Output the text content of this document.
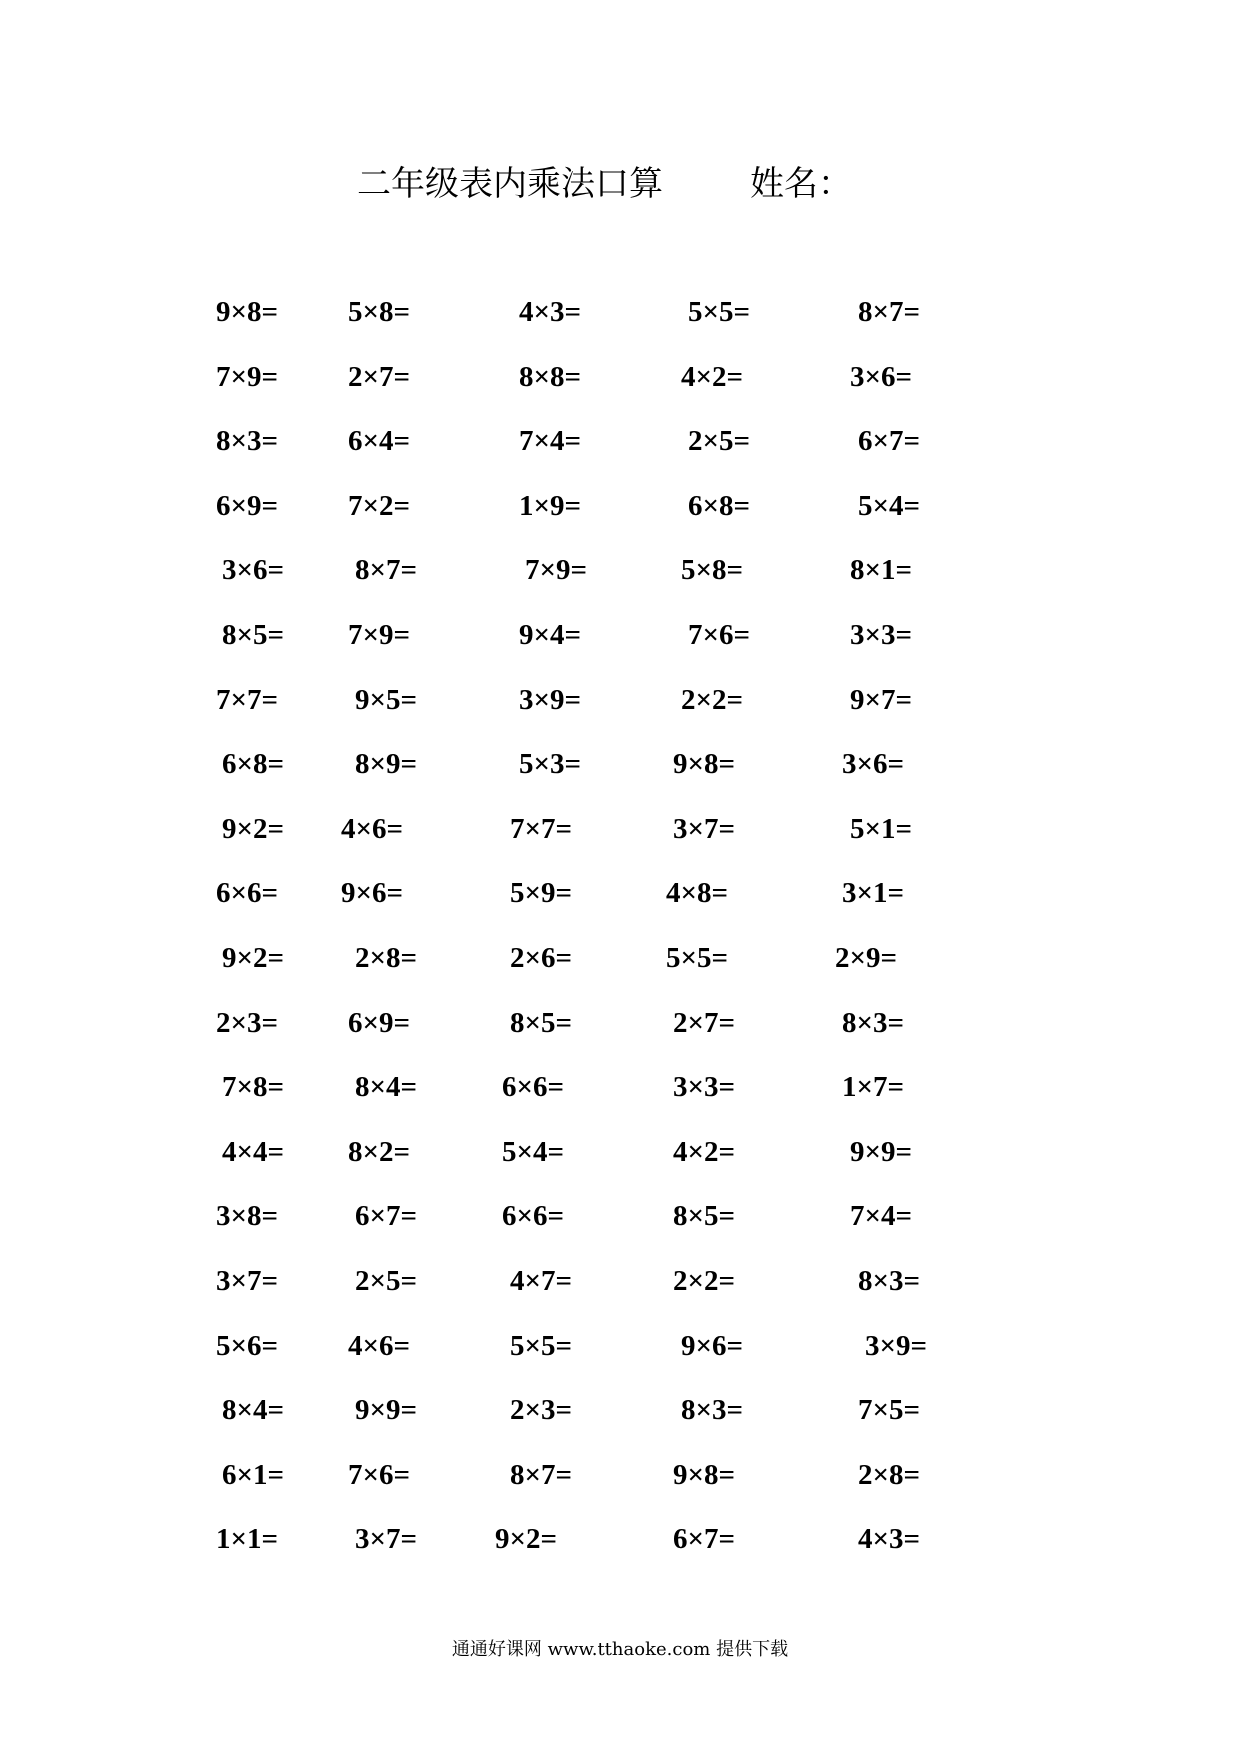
二年级表内乘法口算	姓名：
9×8= 5×8=	4×3=	5×5=	8×7=
7×9= 2×7=	8×8=	4×2=	3×6=
8×3= 6×4=	7×4=	2×5=	6×7=
6×9= 7×2=	1×9=	6×8=	5×4=
3×6= 8×7=	7×9=	5×8=	8×1=
8×5= 7×9=	9×4=	7×6=	3×3=
7×7=	9×5=	3×9=	2×2=	9×7=
6×8= 8×9=	5×3=	9×8=	3×6=
9×2= 4×6=	7×7=	3×7=	5×1=
6×6= 9×6=	5×9=	4×8=	3×1=
9×2= 2×8=	2×6=	5×5=	2×9=
2×3= 6×9=	8×5=	2×7=	8×3=
7×8= 8×4=	6×6=	3×3=	1×7=
4×4= 8×2=	5×4=	4×2=	9×9=
3×8=	6×7=	6×6=	8×5=	7×4=
3×7=	2×5=	4×7=	2×2=	8×3=
5×6= 4×6=	5×5=	9×6=	3×9=
8×4= 9×9=	2×3=	8×3=	7×5=
6×1= 7×6=	8×7=	9×8=	2×8=
1×1=	3×7=	9×2=	6×7=	4×3=
通通好课网 www.tthaoke.com 提供下载
